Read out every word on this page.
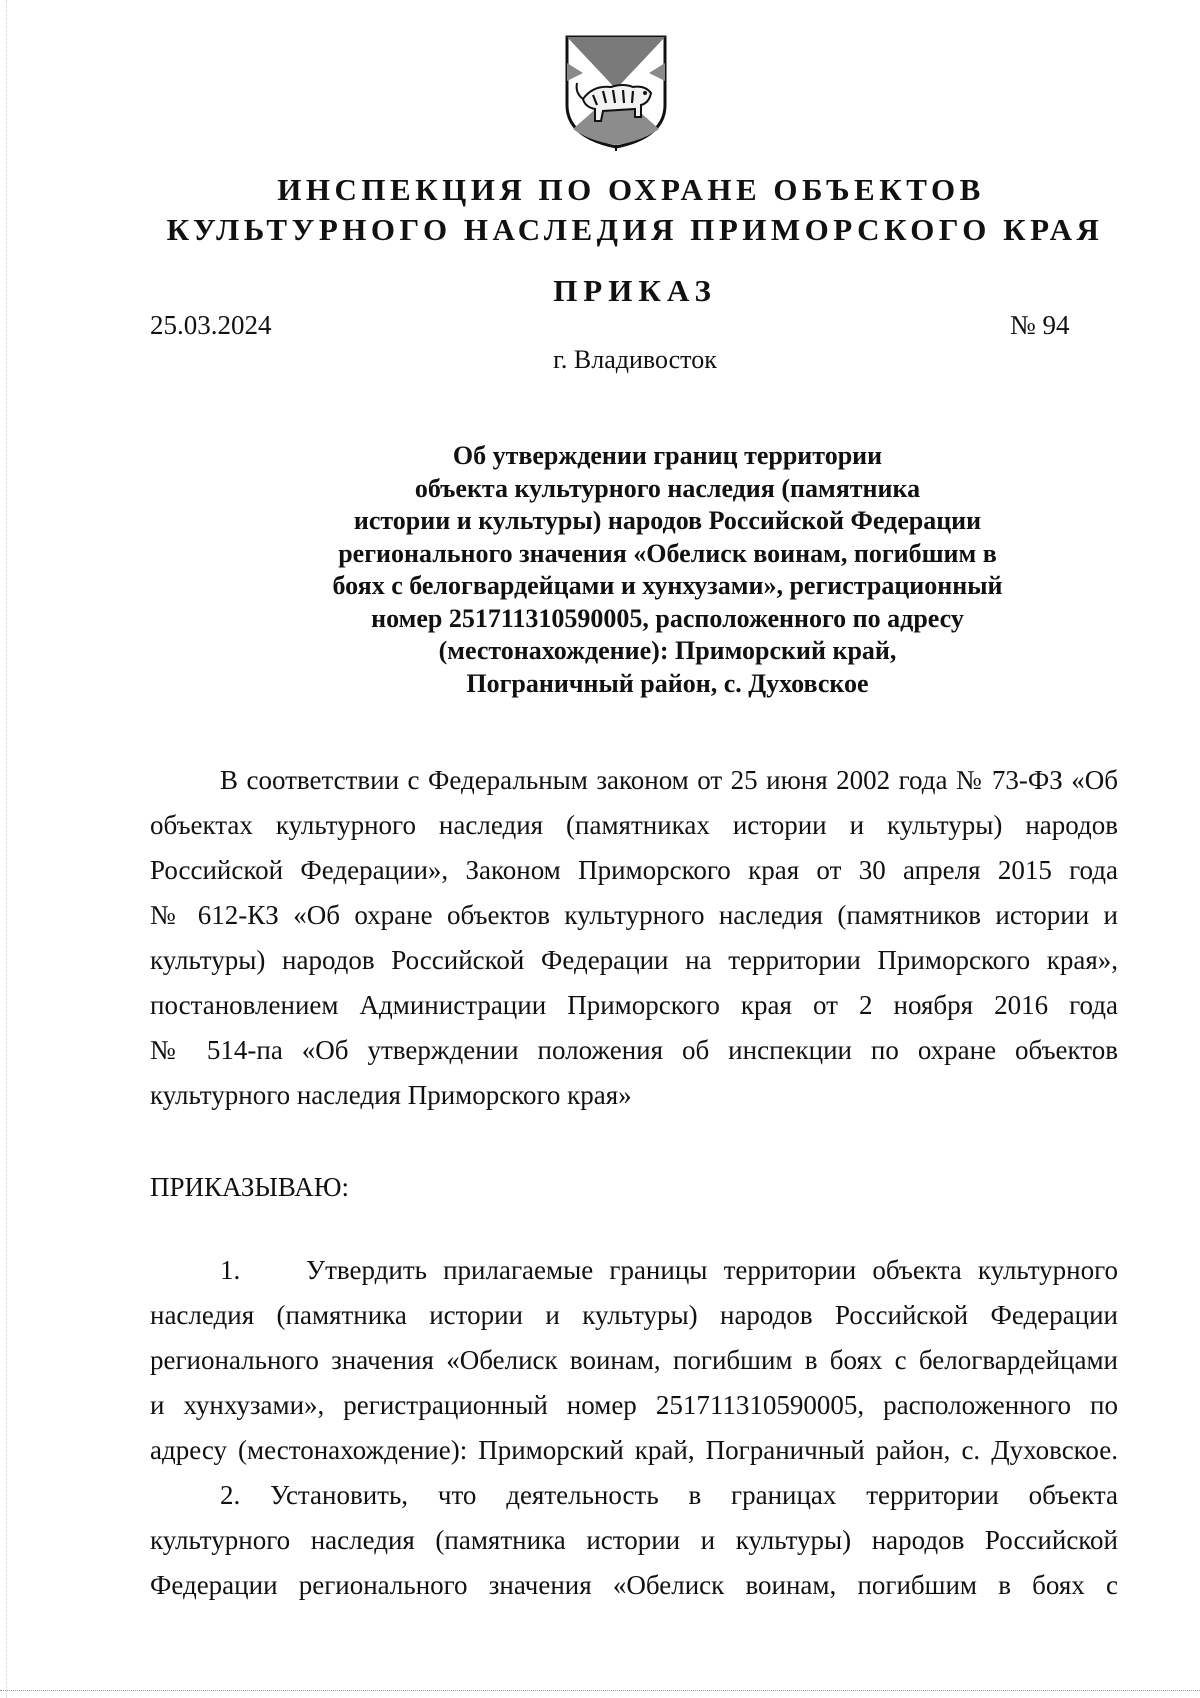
ИНСПЕКЦИЯ ПО ОХРАНЕ ОБЪЕКТОВ
КУЛЬТУРНОГО НАСЛЕДИЯ ПРИМОРСКОГО КРАЯ
ПРИКАЗ
25.03.2024	№ 94
г. Владивосток
Об утверждении границ территории
объекта культурного наследия (памятника
истории и культуры) народов Российской Федерации
регионального значения «Обелиск воинам, погибшим в
боях с белогвардейцами и хунхузами», регистрационный
номер 251711310590005, расположенного по адресу
(местонахождение): Приморский край,
Пограничный район, с. Духовское
В соответствии с Федеральным законом от 25 июня 2002 года № 73-ФЗ «Об
объектах культурного наследия (памятниках истории и культуры) народов
Российской Федерации», Законом Приморского края от 30 апреля 2015 года
№ 612-КЗ «Об охране объектов культурного наследия (памятников истории и
культуры) народов Российской Федерации на территории Приморского края»,
постановлением Администрации Приморского края от 2 ноября 2016 года
№ 514-па «Об утверждении положения об инспекции по охране объектов
культурного наследия Приморского края»
ПРИКАЗЫВАЮ:
1. Утвердить прилагаемые границы территории объекта культурного
наследия (памятника истории и культуры) народов Российской Федерации
регионального значения «Обелиск воинам, погибшим в боях с белогвардейцами
и хунхузами», регистрационный номер 251711310590005, расположенного по
адресу (местонахождение): Приморский край, Пограничный район, с. Духовское.
2. Установить, что деятельность в границах территории объекта
культурного наследия (памятника истории и культуры) народов Российской
Федерации регионального значения «Обелиск воинам, погибшим в боях с
